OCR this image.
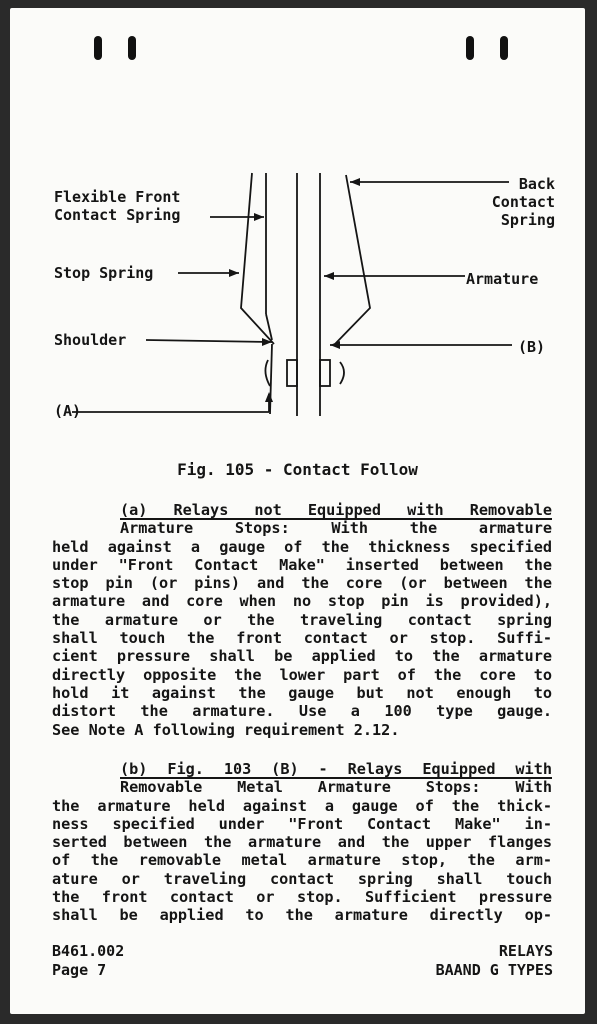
Flexible Front
Contact Spring
Back
Contact
Spring
Stop Spring	Armature
Shoulder	(B)
(A)
Fig. 105 - Contact Follow
(a) Relays not Equipped with Removable
Armature Stops: With the armature
held against a gauge of the thickness specified
under "Front Contact Make" inserted between the
stop pin (or pins) and the core (or between the
armature and core when no stop pin is provided),
the armature or the traveling contact spring
shall touch the front contact or stop. Suffi-
cient pressure shall be applied to the armature
directly opposite the lower part of the core to
hold it against the gauge but not enough to
distort the armature. Use a 100 type gauge.
See Note A following requirement 2.12.
(b) Fig. 103 (B) - Relays Equipped with
Removable Metal Armature Stops: With
the armature held against a gauge of the thick-
ness specified under "Front Contact Make" in-
serted between the armature and the upper flanges
of the removable metal armature stop, the arm-
ature or traveling contact spring shall touch
the front contact or stop. Sufficient pressure
shall be applied to the armature directly op-
B461.002
Page 7
RELAYS
BAAND G TYPES
